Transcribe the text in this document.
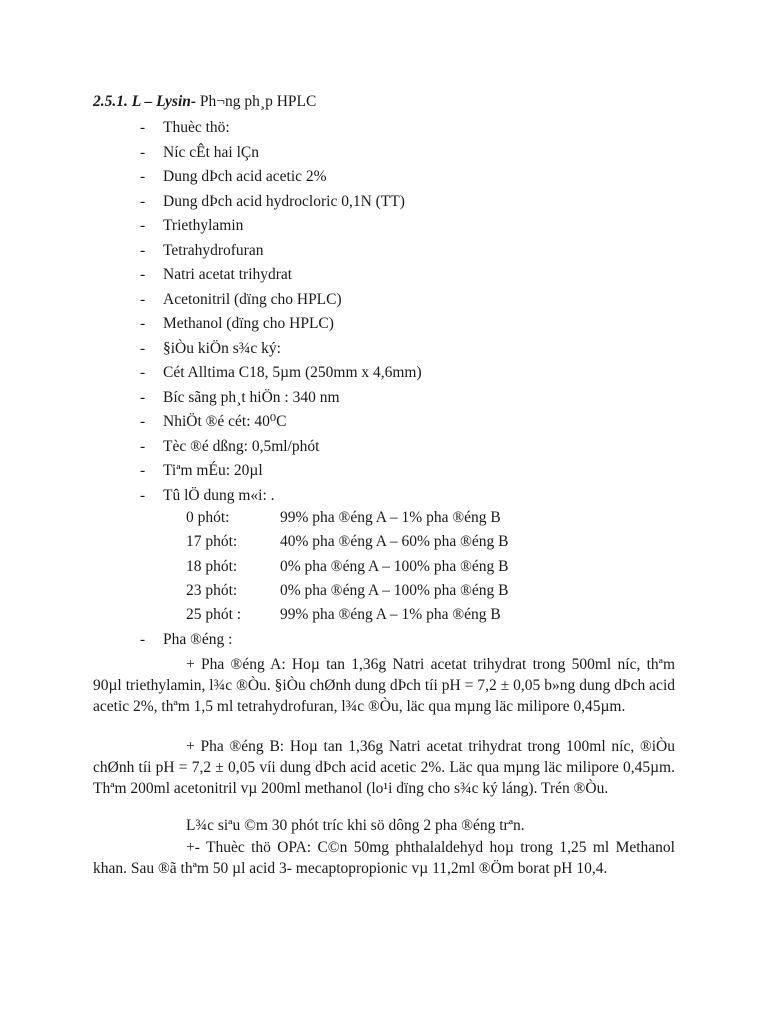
2.5.1. L – Lysin- Ph¬ng ph¸p HPLC
- Thuèc thö:
- Níc cÊt hai lÇn
- Dung dÞch acid acetic 2%
- Dung dÞch acid hydrocloric 0,1N (TT)
- Triethylamin
- Tetrahydrofuran
- Natri acetat trihydrat
- Acetonitril (dïng cho HPLC)
- Methanol (dïng cho HPLC)
- §iÒu kiÖn s¾c ký:
- Cét Alltima C18, 5µm (250mm x 4,6mm)
- Bíc sãng ph¸t hiÖn : 340 nm
- NhiÖt ®é cét: 40⁰C
- Tèc ®é dßng: 0,5ml/phót
- Tiªm mÉu: 20µl
- Tû lÖ dung m«i: .
0 phót:	99% pha ®éng A – 1% pha ®éng B
17 phót:	40% pha ®éng A – 60% pha ®éng B
18 phót:	0% pha ®éng A – 100% pha ®éng B
23 phót:	0% pha ®éng A – 100% pha ®éng B
25 phót :	99% pha ®éng A – 1% pha ®éng B
- Pha ®éng :

+ Pha ®éng A: Hoµ tan 1,36g Natri acetat trihydrat trong 500ml níc, thªm 90µl triethylamin, l¾c ®Òu. §iÒu chØnh dung dÞch tíi pH = 7,2 ± 0,05 b»ng dung dÞch acid acetic 2%, thªm 1,5 ml tetrahydrofuran, l¾c ®Òu, läc qua mµng läc milipore 0,45µm.

+ Pha ®éng B: Hoµ tan 1,36g Natri acetat trihydrat trong 100ml níc, ®iÒu chØnh tíi pH = 7,2 ± 0,05 víi dung dÞch acid acetic 2%. Läc qua mµng läc milipore 0,45µm. Thªm 200ml acetonitril vµ 200ml methanol (lo¹i dïng cho s¾c ký láng). Trén ®Òu.

L¾c siªu ©m 30 phót tríc khi sö dông 2 pha ®éng trªn.

+- Thuèc thö OPA: C©n 50mg phthalaldehyd hoµ trong 1,25 ml Methanol khan. Sau ®ã thªm 50 µl acid 3- mecaptopropionic vµ 11,2ml ®Öm borat pH 10,4.
